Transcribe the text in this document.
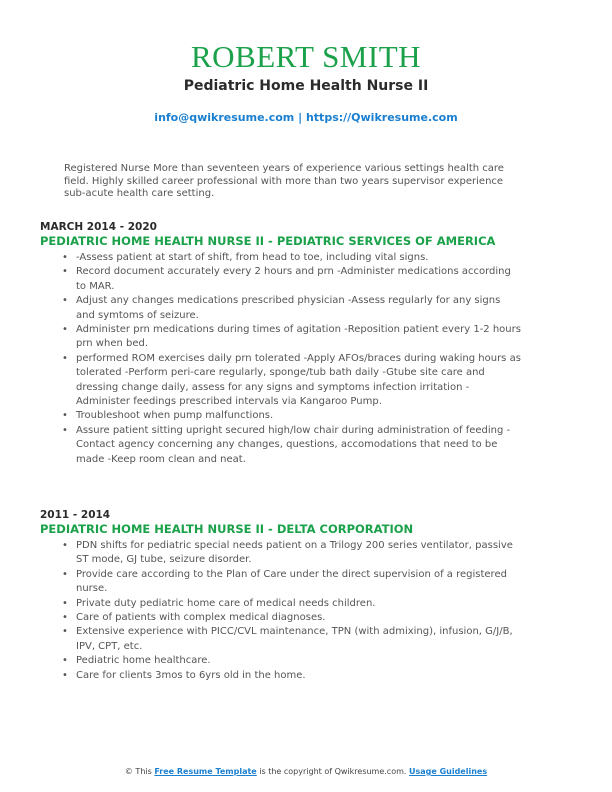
ROBERT SMITH
Pediatric Home Health Nurse II
info@qwikresume.com | https://Qwikresume.com
Registered Nurse More than seventeen years of experience various settings health care field. Highly skilled career professional with more than two years supervisor experience sub-acute health care setting.
MARCH 2014 - 2020
PEDIATRIC HOME HEALTH NURSE II - PEDIATRIC SERVICES OF AMERICA
• -Assess patient at start of shift, from head to toe, including vital signs.
• Record document accurately every 2 hours and prn -Administer medications according to MAR.
• Adjust any changes medications prescribed physician -Assess regularly for any signs and symtoms of seizure.
• Administer prn medications during times of agitation -Reposition patient every 1-2 hours prn when bed.
• performed ROM exercises daily prn tolerated -Apply AFOs/braces during waking hours as tolerated -Perform peri-care regularly, sponge/tub bath daily -Gtube site care and dressing change daily, assess for any signs and symptoms infection irritation -Administer feedings prescribed intervals via Kangaroo Pump.
• Troubleshoot when pump malfunctions.
• Assure patient sitting upright secured high/low chair during administration of feeding -Contact agency concerning any changes, questions, accomodations that need to be made -Keep room clean and neat.
2011 - 2014
PEDIATRIC HOME HEALTH NURSE II - DELTA CORPORATION
• PDN shifts for pediatric special needs patient on a Trilogy 200 series ventilator, passive ST mode, GJ tube, seizure disorder.
• Provide care according to the Plan of Care under the direct supervision of a registered nurse.
• Private duty pediatric home care of medical needs children.
• Care of patients with complex medical diagnoses.
• Extensive experience with PICC/CVL maintenance, TPN (with admixing), infusion, G/J/B, IPV, CPT, etc.
• Pediatric home healthcare.
• Care for clients 3mos to 6yrs old in the home.
© This Free Resume Template is the copyright of Qwikresume.com. Usage Guidelines
